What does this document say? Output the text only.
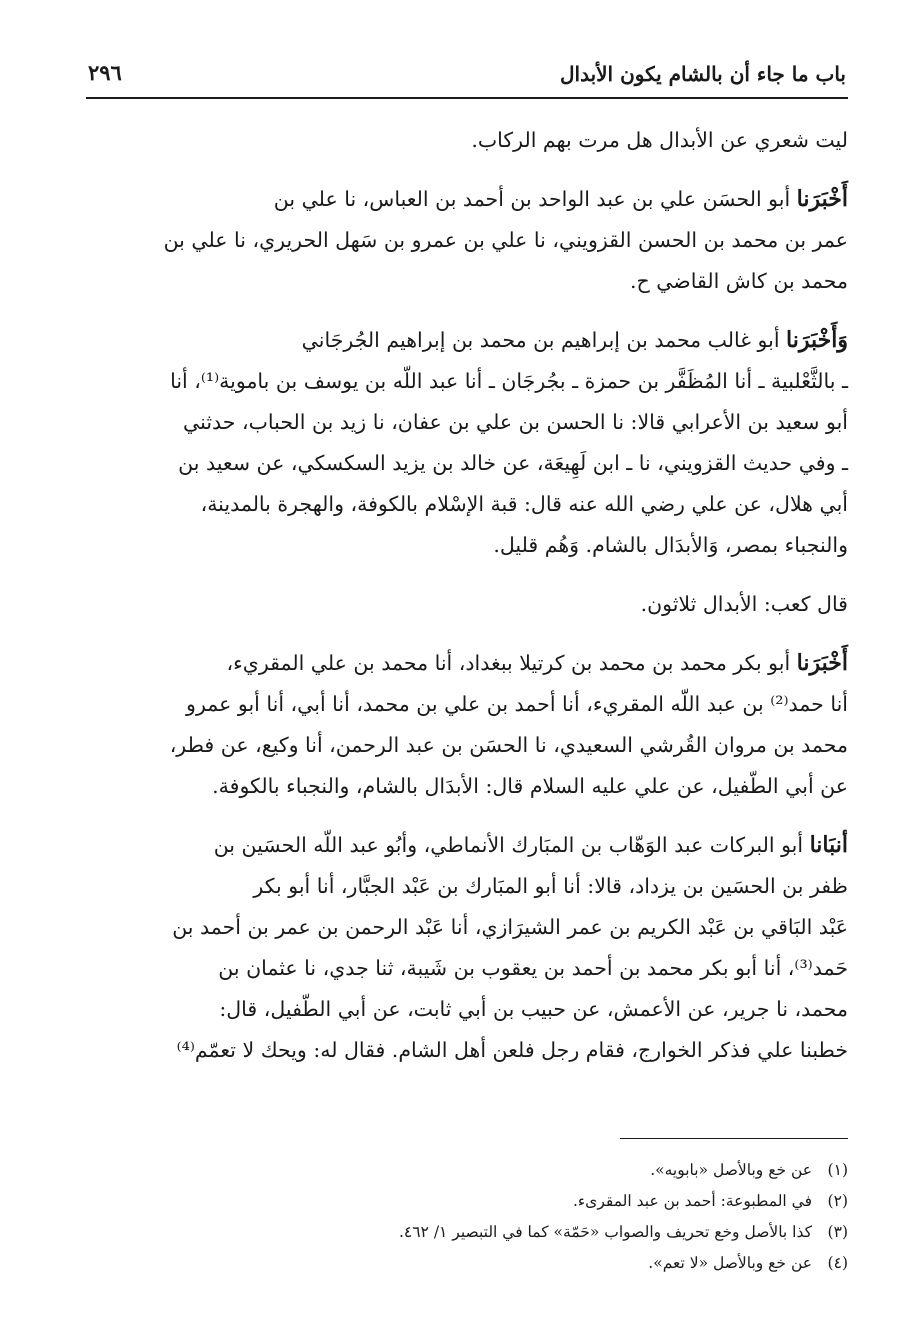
باب ما جاء أن بالشام يكون الأبدال
٢٩٦

ليت شعري عن الأبدال هل مرت بهم الركاب.

أَخْبَرَنا أبو الحسَن علي بن عبد الواحد بن أحمد بن العباس، نا علي بن
عمر بن محمد بن الحسن القزويني، نا علي بن عمرو بن سَهل الحريري، نا علي بن
محمد بن كاش القاضي ح.

وَأَخْبَرَنا أبو غالب محمد بن إبراهيم بن محمد بن إبراهيم الجُرجَاني
ـ بالثَّعْلبية ـ أنا المُظَفَّر بن حمزة ـ بجُرجَان ـ أنا عبد اللّه بن يوسف بن باموية⁽¹⁾، أنا
أبو سعيد بن الأعرابي قالا: نا الحسن بن علي بن عفان، نا زيد بن الحباب، حدثني
ـ وفي حديث القزويني، نا ـ ابن لَهِيعَة، عن خالد بن يزيد السكسكي، عن سعيد بن
أبي هلال، عن علي رضي الله عنه قال: قبة الإسْلام بالكوفة، والهجرة بالمدينة،
والنجباء بمصر، وَالأبدَال بالشام. وَهُم قليل.

قال كعب: الأبدال ثلاثون.

أَخْبَرَنا أبو بكر محمد بن محمد بن كرتيلا ببغداد، أنا محمد بن علي المقريء،
أنا حمد⁽²⁾ بن عبد اللّه المقريء، أنا أحمد بن علي بن محمد، أنا أبي، أنا أبو عمرو
محمد بن مروان القُرشي السعيدي، نا الحسَن بن عبد الرحمن، أنا وكيع، عن فطر،
عن أبي الطّفيل، عن علي عليه السلام قال: الأبدَال بالشام، والنجباء بالكوفة.

أنبَانا أبو البركات عبد الوَهّاب بن المبَارك الأنماطي، وأبُو عبد اللّه الحسَين بن
ظفر بن الحسَين بن يزداد، قالا: أنا أبو المبَارك بن عَبْد الجبَّار، أنا أبو بكر
عَبْد البَاقي بن عَبْد الكريم بن عمر الشيرَازي، أنا عَبْد الرحمن بن عمر بن أحمد بن
حَمد⁽³⁾، أنا أبو بكر محمد بن أحمد بن يعقوب بن شَيبة، ثنا جدي، نا عثمان بن
محمد، نا جرير، عن الأعمش، عن حبيب بن أبي ثابت، عن أبي الطّفيل، قال:
خطبنا علي فذكر الخوارج، فقام رجل فلعن أهل الشام. فقال له: ويحك لا تعمّم⁽⁴⁾

(١)عن خع وبالأصل «بابويه».

(٢)في المطبوعة: أحمد بن عبد المقرىء.

(٣)كذا بالأصل وخع تحريف والصواب «حَمّة» كما في التبصير ١/ ٤٦٢.

(٤)عن خع وبالأصل «لا تعم».
